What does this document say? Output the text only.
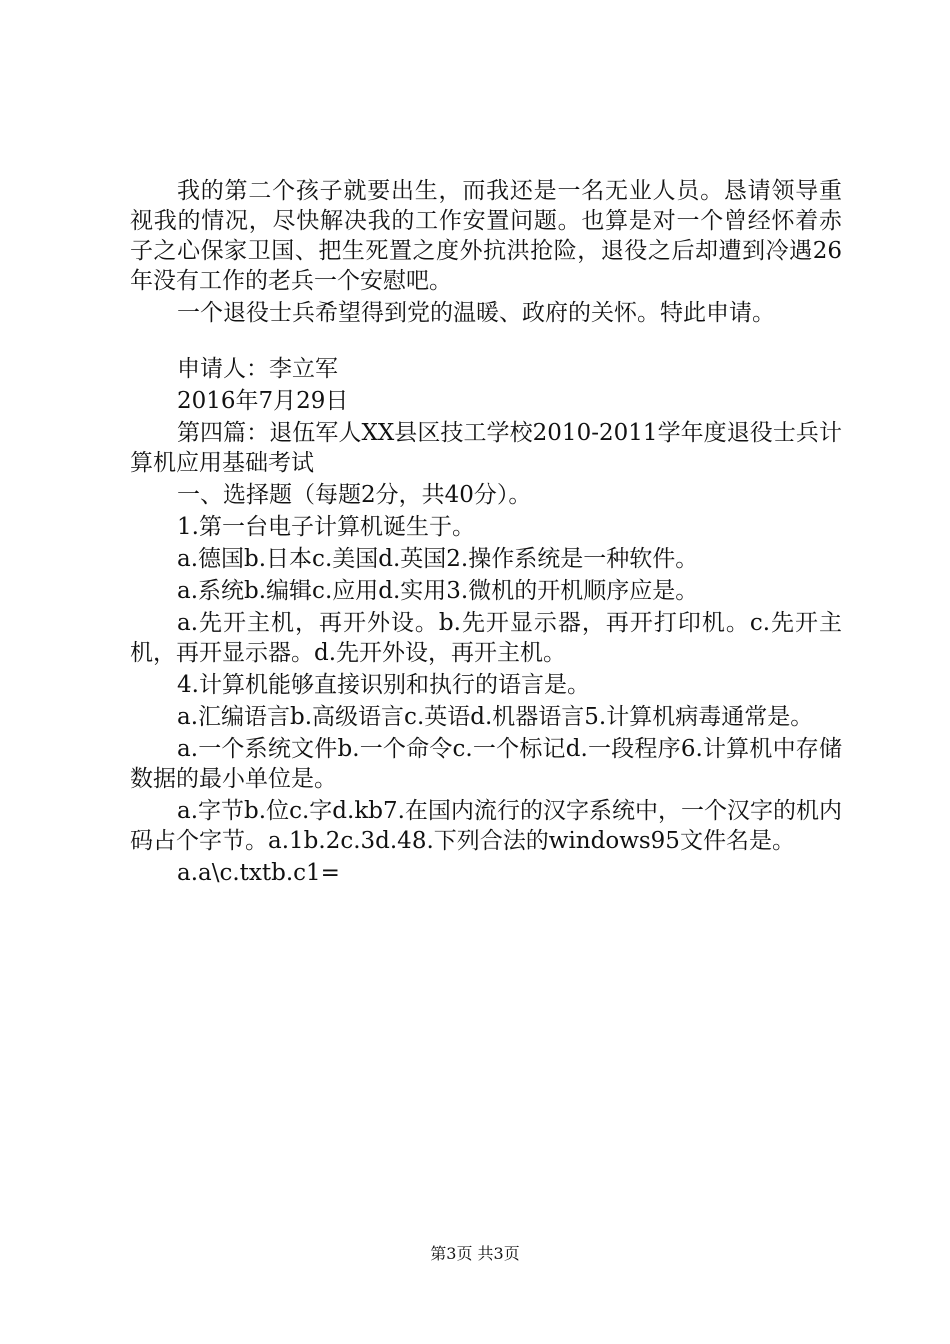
我的第二个孩子就要出生，而我还是一名无业人员。恳请领导重视我的情况，尽快解决我的工作安置问题。也算是对一个曾经怀着赤子之心保家卫国、把生死置之度外抗洪抢险，退役之后却遭到冷遇26年没有工作的老兵一个安慰吧。

一个退役士兵希望得到党的温暖、政府的关怀。特此申请。

申请人：李立军

2016年7月29日

第四篇：退伍军人XX县区技工学校2010-2011学年度退役士兵计算机应用基础考试

一、选择题（每题2分，共40分）。

1.第一台电子计算机诞生于。

a.德国b.日本c.美国d.英国2.操作系统是一种软件。

a.系统b.编辑c.应用d.实用3.微机的开机顺序应是。

a.先开主机，再开外设。b.先开显示器，再开打印机。c.先开主机，再开显示器。d.先开外设，再开主机。

4.计算机能够直接识别和执行的语言是。

a.汇编语言b.高级语言c.英语d.机器语言5.计算机病毒通常是。

a.一个系统文件b.一个命令c.一个标记d.一段程序6.计算机中存储数据的最小单位是。

a.字节b.位c.字d.kb7.在国内流行的汉字系统中，一个汉字的机内码占个字节。a.1b.2c.3d.48.下列合法的windows95文件名是。

a.a\c.txtb.c1=

第3页 共3页
